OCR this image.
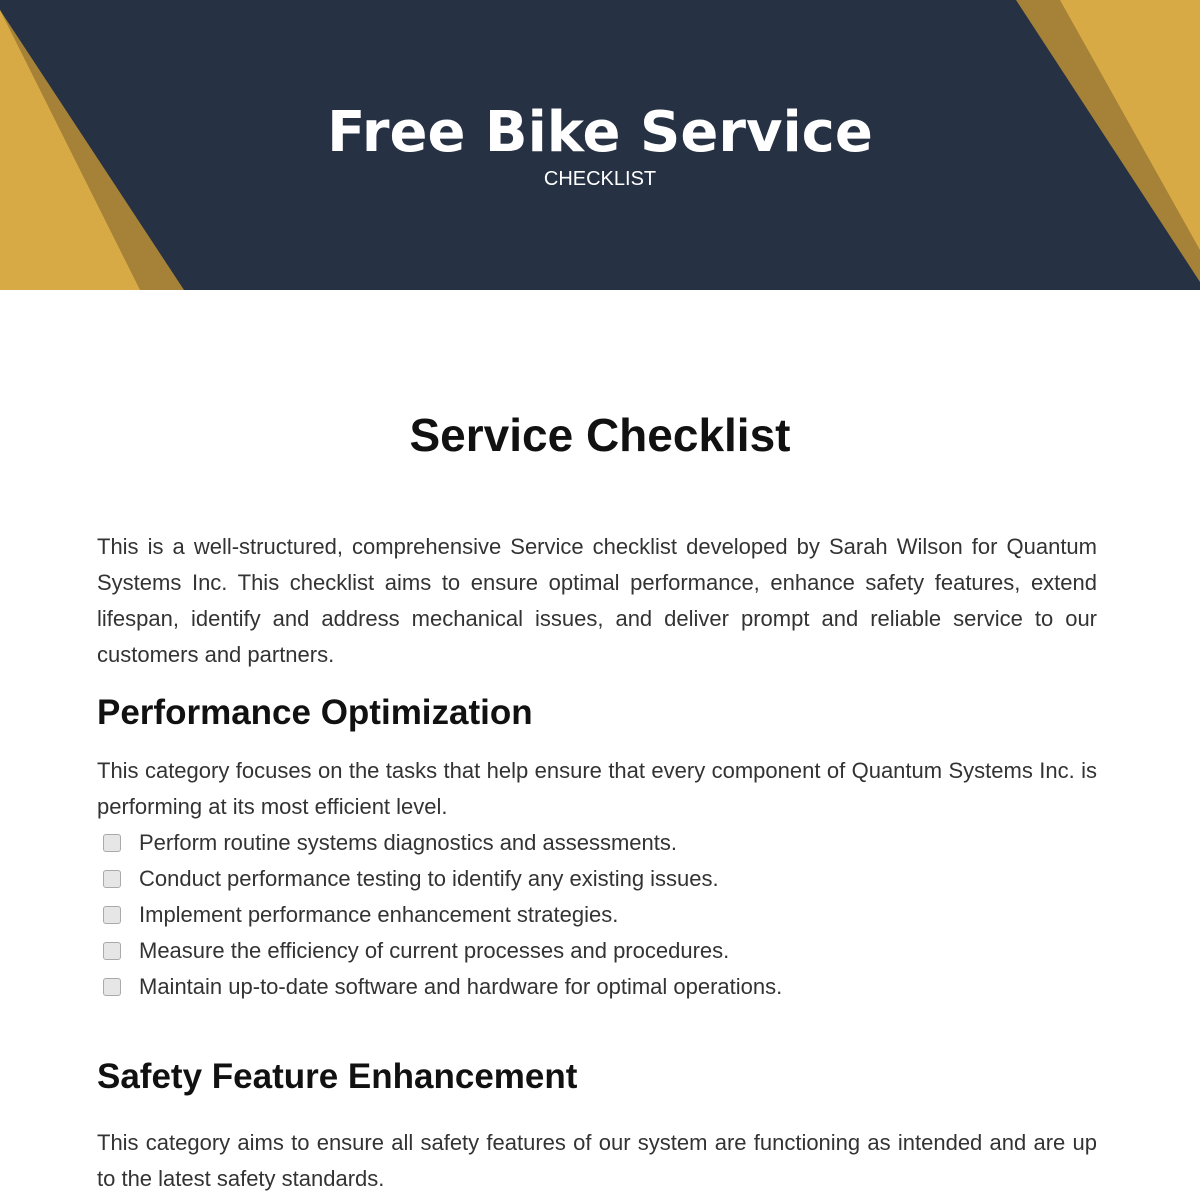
Free Bike Service
CHECKLIST
Service Checklist

This is a well-structured, comprehensive Service checklist developed by Sarah Wilson for Quantum Systems Inc. This checklist aims to ensure optimal performance, enhance safety features, extend lifespan, identify and address mechanical issues, and deliver prompt and reliable service to our customers and partners.

Performance Optimization

This category focuses on the tasks that help ensure that every component of Quantum Systems Inc. is performing at its most efficient level.

Perform routine systems diagnostics and assessments.
Conduct performance testing to identify any existing issues.
Implement performance enhancement strategies.
Measure the efficiency of current processes and procedures.
Maintain up-to-date software and hardware for optimal operations.
Safety Feature Enhancement

This category aims to ensure all safety features of our system are functioning as intended and are up to the latest safety standards.
